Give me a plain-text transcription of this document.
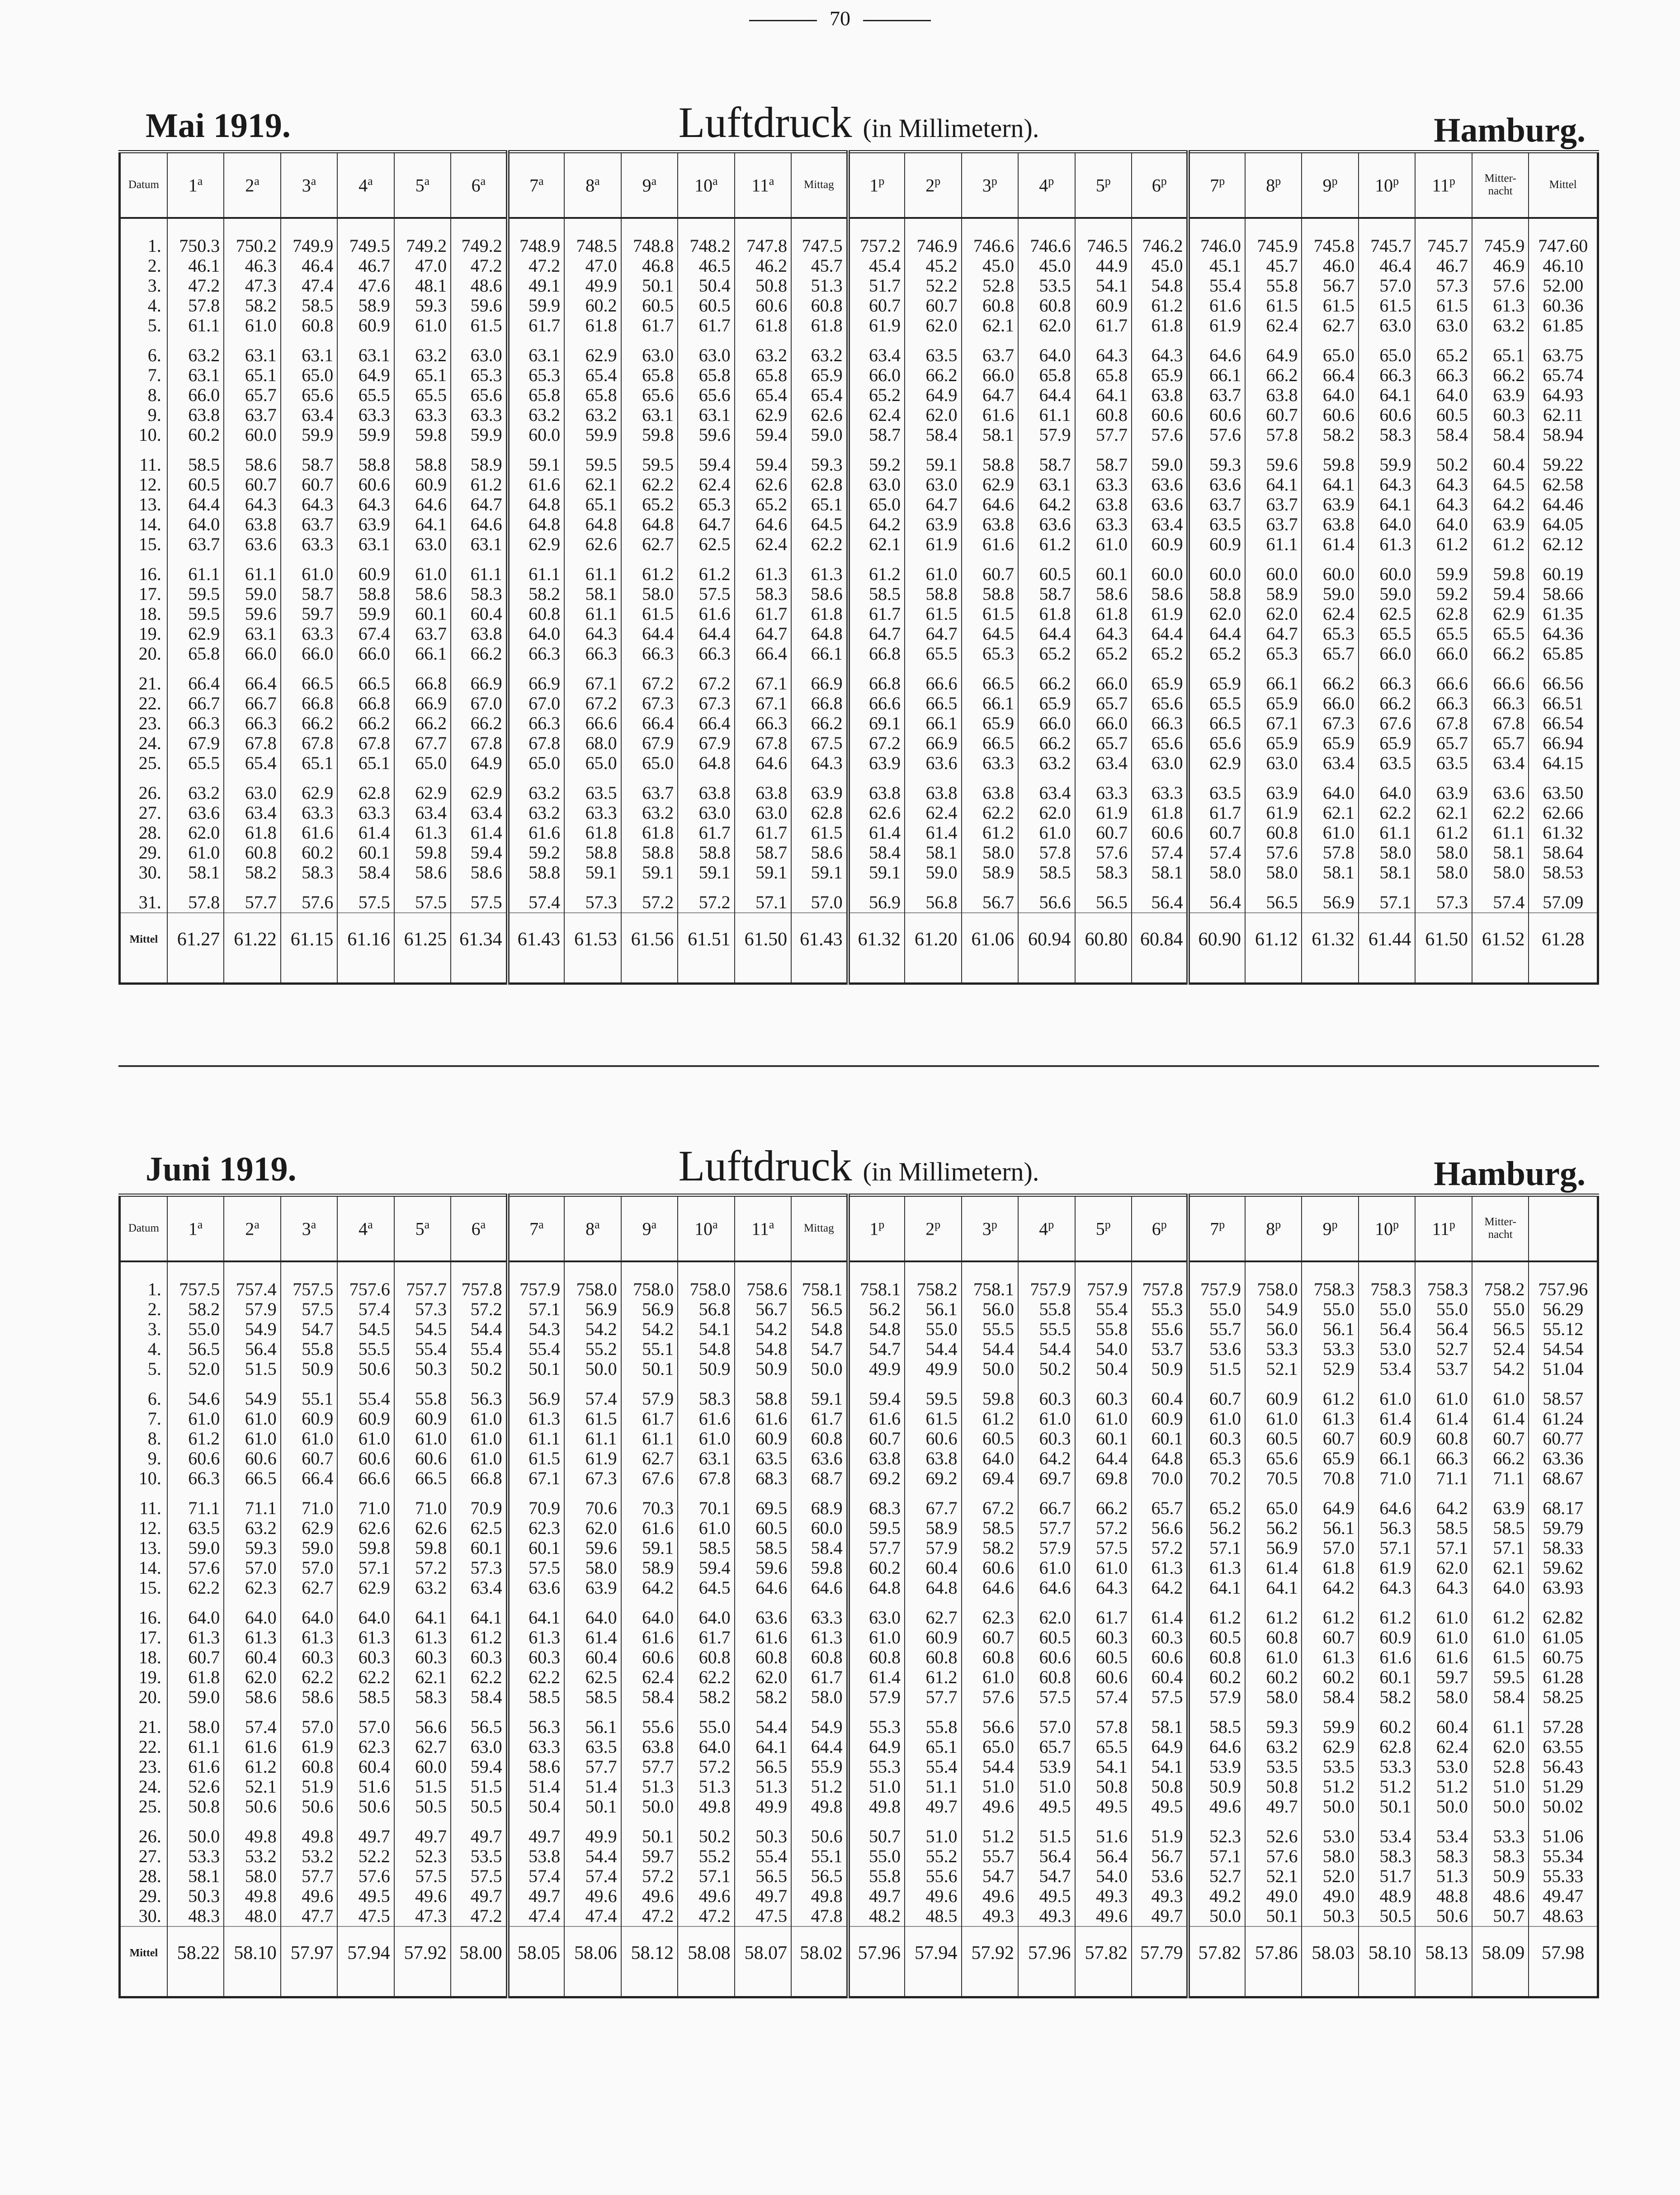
70
Mai 1919.	Luftdruck (in Millimetern).	Hamburg.
Datum	1$^a$	2$^a$	3$^a$	4$^a$	5$^a$	6$^a$	7$^a$	8$^a$	9$^a$	10$^a$	11$^a$	Mittag	1$^p$	2$^p$	3$^p$	4$^p$	5$^p$	6$^p$	7$^p$	8$^p$	9$^p$	10$^p$	11$^p$	Mitter-
nacht	Mittel
1.	750.3	750.2	749.9	749.5	749.2	749.2	748.9	748.5	748.8	748.2	747.8	747.5	757.2	746.9	746.6	746.6	746.5	746.2	746.0	745.9	745.8	745.7	745.7	745.9	747.60
2.	46.1	46.3	46.4	46.7	47.0	47.2	47.2	47.0	46.8	46.5	46.2	45.7	45.4	45.2	45.0	45.0	44.9	45.0	45.1	45.7	46.0	46.4	46.7	46.9	46.10
3.	47.2	47.3	47.4	47.6	48.1	48.6	49.1	49.9	50.1	50.4	50.8	51.3	51.7	52.2	52.8	53.5	54.1	54.8	55.4	55.8	56.7	57.0	57.3	57.6	52.00
4.	57.8	58.2	58.5	58.9	59.3	59.6	59.9	60.2	60.5	60.5	60.6	60.8	60.7	60.7	60.8	60.8	60.9	61.2	61.6	61.5	61.5	61.5	61.5	61.3	60.36
5.	61.1	61.0	60.8	60.9	61.0	61.5	61.7	61.8	61.7	61.7	61.8	61.8	61.9	62.0	62.1	62.0	61.7	61.8	61.9	62.4	62.7	63.0	63.0	63.2	61.85
6.	63.2	63.1	63.1	63.1	63.2	63.0	63.1	62.9	63.0	63.0	63.2	63.2	63.4	63.5	63.7	64.0	64.3	64.3	64.6	64.9	65.0	65.0	65.2	65.1	63.75
7.	63.1	65.1	65.0	64.9	65.1	65.3	65.3	65.4	65.8	65.8	65.8	65.9	66.0	66.2	66.0	65.8	65.8	65.9	66.1	66.2	66.4	66.3	66.3	66.2	65.74
8.	66.0	65.7	65.6	65.5	65.5	65.6	65.8	65.8	65.6	65.6	65.4	65.4	65.2	64.9	64.7	64.4	64.1	63.8	63.7	63.8	64.0	64.1	64.0	63.9	64.93
9.	63.8	63.7	63.4	63.3	63.3	63.3	63.2	63.2	63.1	63.1	62.9	62.6	62.4	62.0	61.6	61.1	60.8	60.6	60.6	60.7	60.6	60.6	60.5	60.3	62.11
10.	60.2	60.0	59.9	59.9	59.8	59.9	60.0	59.9	59.8	59.6	59.4	59.0	58.7	58.4	58.1	57.9	57.7	57.6	57.6	57.8	58.2	58.3	58.4	58.4	58.94
11.	58.5	58.6	58.7	58.8	58.8	58.9	59.1	59.5	59.5	59.4	59.4	59.3	59.2	59.1	58.8	58.7	58.7	59.0	59.3	59.6	59.8	59.9	50.2	60.4	59.22
12.	60.5	60.7	60.7	60.6	60.9	61.2	61.6	62.1	62.2	62.4	62.6	62.8	63.0	63.0	62.9	63.1	63.3	63.6	63.6	64.1	64.1	64.3	64.3	64.5	62.58
13.	64.4	64.3	64.3	64.3	64.6	64.7	64.8	65.1	65.2	65.3	65.2	65.1	65.0	64.7	64.6	64.2	63.8	63.6	63.7	63.7	63.9	64.1	64.3	64.2	64.46
14.	64.0	63.8	63.7	63.9	64.1	64.6	64.8	64.8	64.8	64.7	64.6	64.5	64.2	63.9	63.8	63.6	63.3	63.4	63.5	63.7	63.8	64.0	64.0	63.9	64.05
15.	63.7	63.6	63.3	63.1	63.0	63.1	62.9	62.6	62.7	62.5	62.4	62.2	62.1	61.9	61.6	61.2	61.0	60.9	60.9	61.1	61.4	61.3	61.2	61.2	62.12
16.	61.1	61.1	61.0	60.9	61.0	61.1	61.1	61.1	61.2	61.2	61.3	61.3	61.2	61.0	60.7	60.5	60.1	60.0	60.0	60.0	60.0	60.0	59.9	59.8	60.19
17.	59.5	59.0	58.7	58.8	58.6	58.3	58.2	58.1	58.0	57.5	58.3	58.6	58.5	58.8	58.8	58.7	58.6	58.6	58.8	58.9	59.0	59.0	59.2	59.4	58.66
18.	59.5	59.6	59.7	59.9	60.1	60.4	60.8	61.1	61.5	61.6	61.7	61.8	61.7	61.5	61.5	61.8	61.8	61.9	62.0	62.0	62.4	62.5	62.8	62.9	61.35
19.	62.9	63.1	63.3	67.4	63.7	63.8	64.0	64.3	64.4	64.4	64.7	64.8	64.7	64.7	64.5	64.4	64.3	64.4	64.4	64.7	65.3	65.5	65.5	65.5	64.36
20.	65.8	66.0	66.0	66.0	66.1	66.2	66.3	66.3	66.3	66.3	66.4	66.1	66.8	65.5	65.3	65.2	65.2	65.2	65.2	65.3	65.7	66.0	66.0	66.2	65.85
21.	66.4	66.4	66.5	66.5	66.8	66.9	66.9	67.1	67.2	67.2	67.1	66.9	66.8	66.6	66.5	66.2	66.0	65.9	65.9	66.1	66.2	66.3	66.6	66.6	66.56
22.	66.7	66.7	66.8	66.8	66.9	67.0	67.0	67.2	67.3	67.3	67.1	66.8	66.6	66.5	66.1	65.9	65.7	65.6	65.5	65.9	66.0	66.2	66.3	66.3	66.51
23.	66.3	66.3	66.2	66.2	66.2	66.2	66.3	66.6	66.4	66.4	66.3	66.2	69.1	66.1	65.9	66.0	66.0	66.3	66.5	67.1	67.3	67.6	67.8	67.8	66.54
24.	67.9	67.8	67.8	67.8	67.7	67.8	67.8	68.0	67.9	67.9	67.8	67.5	67.2	66.9	66.5	66.2	65.7	65.6	65.6	65.9	65.9	65.9	65.7	65.7	66.94
25.	65.5	65.4	65.1	65.1	65.0	64.9	65.0	65.0	65.0	64.8	64.6	64.3	63.9	63.6	63.3	63.2	63.4	63.0	62.9	63.0	63.4	63.5	63.5	63.4	64.15
26.	63.2	63.0	62.9	62.8	62.9	62.9	63.2	63.5	63.7	63.8	63.8	63.9	63.8	63.8	63.8	63.4	63.3	63.3	63.5	63.9	64.0	64.0	63.9	63.6	63.50
27.	63.6	63.4	63.3	63.3	63.4	63.4	63.2	63.3	63.2	63.0	63.0	62.8	62.6	62.4	62.2	62.0	61.9	61.8	61.7	61.9	62.1	62.2	62.1	62.2	62.66
28.	62.0	61.8	61.6	61.4	61.3	61.4	61.6	61.8	61.8	61.7	61.7	61.5	61.4	61.4	61.2	61.0	60.7	60.6	60.7	60.8	61.0	61.1	61.2	61.1	61.32
29.	61.0	60.8	60.2	60.1	59.8	59.4	59.2	58.8	58.8	58.8	58.7	58.6	58.4	58.1	58.0	57.8	57.6	57.4	57.4	57.6	57.8	58.0	58.0	58.1	58.64
30.	58.1	58.2	58.3	58.4	58.6	58.6	58.8	59.1	59.1	59.1	59.1	59.1	59.1	59.0	58.9	58.5	58.3	58.1	58.0	58.0	58.1	58.1	58.0	58.0	58.53
31.	57.8	57.7	57.6	57.5	57.5	57.5	57.4	57.3	57.2	57.2	57.1	57.0	56.9	56.8	56.7	56.6	56.5	56.4	56.4	56.5	56.9	57.1	57.3	57.4	57.09
Mittel	61.27	61.22	61.15	61.16	61.25	61.34	61.43	61.53	61.56	61.51	61.50	61.43	61.32	61.20	61.06	60.94	60.80	60.84	60.90	61.12	61.32	61.44	61.50	61.52	61.28

Juni 1919.	Luftdruck (in Millimetern).	Hamburg.
Datum	1$^a$	2$^a$	3$^a$	4$^a$	5$^a$	6$^a$	7$^a$	8$^a$	9$^a$	10$^a$	11$^a$	Mittag	1$^p$	2$^p$	3$^p$	4$^p$	5$^p$	6$^p$	7$^p$	8$^p$	9$^p$	10$^p$	11$^p$	Mitter-
nacht	
1.	757.5	757.4	757.5	757.6	757.7	757.8	757.9	758.0	758.0	758.0	758.6	758.1	758.1	758.2	758.1	757.9	757.9	757.8	757.9	758.0	758.3	758.3	758.3	758.2	757.96
2.	58.2	57.9	57.5	57.4	57.3	57.2	57.1	56.9	56.9	56.8	56.7	56.5	56.2	56.1	56.0	55.8	55.4	55.3	55.0	54.9	55.0	55.0	55.0	55.0	56.29
3.	55.0	54.9	54.7	54.5	54.5	54.4	54.3	54.2	54.2	54.1	54.2	54.8	54.8	55.0	55.5	55.5	55.8	55.6	55.7	56.0	56.1	56.4	56.4	56.5	55.12
4.	56.5	56.4	55.8	55.5	55.4	55.4	55.4	55.2	55.1	54.8	54.8	54.7	54.7	54.4	54.4	54.4	54.0	53.7	53.6	53.3	53.3	53.0	52.7	52.4	54.54
5.	52.0	51.5	50.9	50.6	50.3	50.2	50.1	50.0	50.1	50.9	50.9	50.0	49.9	49.9	50.0	50.2	50.4	50.9	51.5	52.1	52.9	53.4	53.7	54.2	51.04
6.	54.6	54.9	55.1	55.4	55.8	56.3	56.9	57.4	57.9	58.3	58.8	59.1	59.4	59.5	59.8	60.3	60.3	60.4	60.7	60.9	61.2	61.0	61.0	61.0	58.57
7.	61.0	61.0	60.9	60.9	60.9	61.0	61.3	61.5	61.7	61.6	61.6	61.7	61.6	61.5	61.2	61.0	61.0	60.9	61.0	61.0	61.3	61.4	61.4	61.4	61.24
8.	61.2	61.0	61.0	61.0	61.0	61.0	61.1	61.1	61.1	61.0	60.9	60.8	60.7	60.6	60.5	60.3	60.1	60.1	60.3	60.5	60.7	60.9	60.8	60.7	60.77
9.	60.6	60.6	60.7	60.6	60.6	61.0	61.5	61.9	62.7	63.1	63.5	63.6	63.8	63.8	64.0	64.2	64.4	64.8	65.3	65.6	65.9	66.1	66.3	66.2	63.36
10.	66.3	66.5	66.4	66.6	66.5	66.8	67.1	67.3	67.6	67.8	68.3	68.7	69.2	69.2	69.4	69.7	69.8	70.0	70.2	70.5	70.8	71.0	71.1	71.1	68.67
11.	71.1	71.1	71.0	71.0	71.0	70.9	70.9	70.6	70.3	70.1	69.5	68.9	68.3	67.7	67.2	66.7	66.2	65.7	65.2	65.0	64.9	64.6	64.2	63.9	68.17
12.	63.5	63.2	62.9	62.6	62.6	62.5	62.3	62.0	61.6	61.0	60.5	60.0	59.5	58.9	58.5	57.7	57.2	56.6	56.2	56.2	56.1	56.3	58.5	58.5	59.79
13.	59.0	59.3	59.0	59.8	59.8	60.1	60.1	59.6	59.1	58.5	58.5	58.4	57.7	57.9	58.2	57.9	57.5	57.2	57.1	56.9	57.0	57.1	57.1	57.1	58.33
14.	57.6	57.0	57.0	57.1	57.2	57.3	57.5	58.0	58.9	59.4	59.6	59.8	60.2	60.4	60.6	61.0	61.0	61.3	61.3	61.4	61.8	61.9	62.0	62.1	59.62
15.	62.2	62.3	62.7	62.9	63.2	63.4	63.6	63.9	64.2	64.5	64.6	64.6	64.8	64.8	64.6	64.6	64.3	64.2	64.1	64.1	64.2	64.3	64.3	64.0	63.93
16.	64.0	64.0	64.0	64.0	64.1	64.1	64.1	64.0	64.0	64.0	63.6	63.3	63.0	62.7	62.3	62.0	61.7	61.4	61.2	61.2	61.2	61.2	61.0	61.2	62.82
17.	61.3	61.3	61.3	61.3	61.3	61.2	61.3	61.4	61.6	61.7	61.6	61.3	61.0	60.9	60.7	60.5	60.3	60.3	60.5	60.8	60.7	60.9	61.0	61.0	61.05
18.	60.7	60.4	60.3	60.3	60.3	60.3	60.3	60.4	60.6	60.8	60.8	60.8	60.8	60.8	60.8	60.6	60.5	60.6	60.8	61.0	61.3	61.6	61.6	61.5	60.75
19.	61.8	62.0	62.2	62.2	62.1	62.2	62.2	62.5	62.4	62.2	62.0	61.7	61.4	61.2	61.0	60.8	60.6	60.4	60.2	60.2	60.2	60.1	59.7	59.5	61.28
20.	59.0	58.6	58.6	58.5	58.3	58.4	58.5	58.5	58.4	58.2	58.2	58.0	57.9	57.7	57.6	57.5	57.4	57.5	57.9	58.0	58.4	58.2	58.0	58.4	58.25
21.	58.0	57.4	57.0	57.0	56.6	56.5	56.3	56.1	55.6	55.0	54.4	54.9	55.3	55.8	56.6	57.0	57.8	58.1	58.5	59.3	59.9	60.2	60.4	61.1	57.28
22.	61.1	61.6	61.9	62.3	62.7	63.0	63.3	63.5	63.8	64.0	64.1	64.4	64.9	65.1	65.0	65.7	65.5	64.9	64.6	63.2	62.9	62.8	62.4	62.0	63.55
23.	61.6	61.2	60.8	60.4	60.0	59.4	58.6	57.7	57.7	57.2	56.5	55.9	55.3	55.4	54.4	53.9	54.1	54.1	53.9	53.5	53.5	53.3	53.0	52.8	56.43
24.	52.6	52.1	51.9	51.6	51.5	51.5	51.4	51.4	51.3	51.3	51.3	51.2	51.0	51.1	51.0	51.0	50.8	50.8	50.9	50.8	51.2	51.2	51.2	51.0	51.29
25.	50.8	50.6	50.6	50.6	50.5	50.5	50.4	50.1	50.0	49.8	49.9	49.8	49.8	49.7	49.6	49.5	49.5	49.5	49.6	49.7	50.0	50.1	50.0	50.0	50.02
26.	50.0	49.8	49.8	49.7	49.7	49.7	49.7	49.9	50.1	50.2	50.3	50.6	50.7	51.0	51.2	51.5	51.6	51.9	52.3	52.6	53.0	53.4	53.4	53.3	51.06
27.	53.3	53.2	53.2	52.2	52.3	53.5	53.8	54.4	59.7	55.2	55.4	55.1	55.0	55.2	55.7	56.4	56.4	56.7	57.1	57.6	58.0	58.3	58.3	58.3	55.34
28.	58.1	58.0	57.7	57.6	57.5	57.5	57.4	57.4	57.2	57.1	56.5	56.5	55.8	55.6	54.7	54.7	54.0	53.6	52.7	52.1	52.0	51.7	51.3	50.9	55.33
29.	50.3	49.8	49.6	49.5	49.6	49.7	49.7	49.6	49.6	49.6	49.7	49.8	49.7	49.6	49.6	49.5	49.3	49.3	49.2	49.0	49.0	48.9	48.8	48.6	49.47
30.	48.3	48.0	47.7	47.5	47.3	47.2	47.4	47.4	47.2	47.2	47.5	47.8	48.2	48.5	49.3	49.3	49.6	49.7	50.0	50.1	50.3	50.5	50.6	50.7	48.63
Mittel	58.22	58.10	57.97	57.94	57.92	58.00	58.05	58.06	58.12	58.08	58.07	58.02	57.96	57.94	57.92	57.96	57.82	57.79	57.82	57.86	58.03	58.10	58.13	58.09	57.98
